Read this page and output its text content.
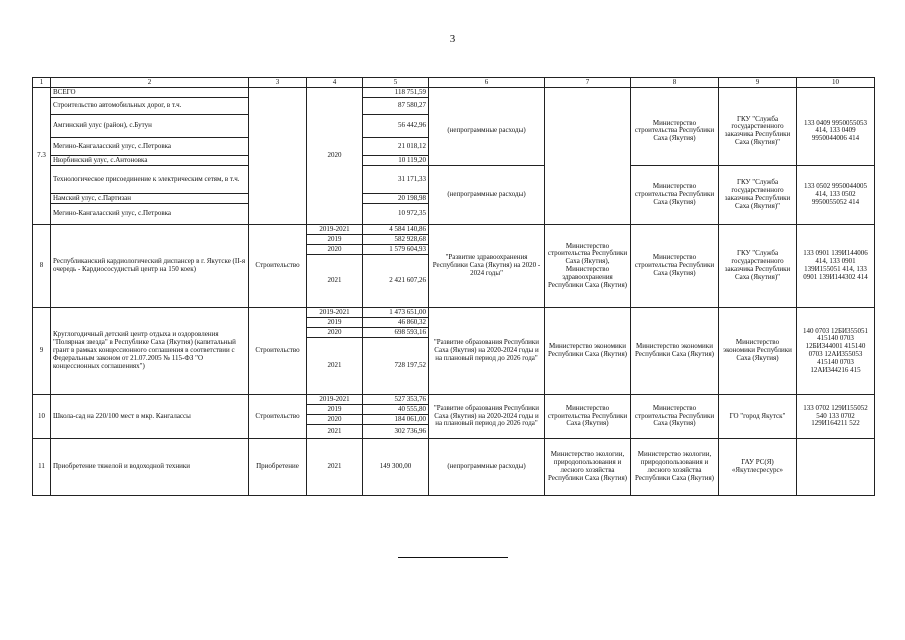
3
1	2	3	4	5	6	7	8	9	10
7.3	ВСЕГО		2020	118 751,59					
	Строительство автомобильных дорог, в т.ч.			87 580,27	(непрограммные расходы)		Министерство строительства Республики Саха (Якутия)	ГКУ "Служба государственного заказчика Республики Саха (Якутия)"	133 0409 9950055053 414, 133 0409 9950044006 414
	Амгинский улус (район), с.Бутун			56 442,96					
	Мегино-Кангаласский улус, с.Петровка			21 018,12					
	Нюрбинский улус, с.Антоновка			10 119,20					
	Технологическое присоединение к электрическим сетям, в т.ч.			31 171,33	(непрограммные расходы)		Министерство строительства Республики Саха (Якутия)	ГКУ "Служба государственного заказчика Республики Саха (Якутия)"	133 0502 9950044005 414, 133 0502 9950055052 414
	Намский улус, с.Партизан			20 198,98					
	Мегино-Кангаласский улус, с.Петровка			10 972,35					
8	Республиканский кардиологический диспансер в г. Якутске (II-я очередь - Кардиососудистый центр на 150 коек)	Строительство	2019-2021	4 584 140,86	"Развитие здравоохранения Республики Саха (Якутия) на 2020 - 2024 годы"	Министерство строительства Республики Саха (Якутия), Министерство здравоохранения Республики Саха (Якутия)	Министерство строительства Республики Саха (Якутия)	ГКУ "Служба государственного заказчика Республики Саха (Якутия)"	133 0901 139И144006 414, 133 0901 139И155051 414, 133 0901 139И144302 414
			2019	582 928,68					
			2020	1 579 604,93					
			2021	2 421 607,26					
9	Круглогодичный детский центр отдыха и оздоровления "Полярная звезда" в Республике Саха (Якутия) (капитальный грант в рамках концессионного соглашения в соответствии с Федеральным законом от 21.07.2005 № 115-ФЗ "О концессионных соглашениях")	Строительство	2019-2021	1 473 651,00	"Развитие образования Республики Саха (Якутия) на 2020-2024 годы и на плановый период до 2026 года"	Министерство экономики Республики Саха (Якутия)	Министерство экономики Республики Саха (Якутия)	Министерство экономики Республики Саха (Якутия)	140 0703 12БИ355051 415140 0703 12БИ344001 415140 0703 12АИ355053 415140 0703 12АИ344216 415
			2019	46 860,32					
			2020	698 593,16					
			2021	728 197,52					
10	Школа-сад на 220/100 мест в мкр. Кангалассы	Строительство	2019-2021	527 353,76	"Развитие образования Республики Саха (Якутия) на 2020-2024 годы и на плановый период до 2026 года"	Министерство строительства Республики Саха (Якутия)	Министерство строительства Республики Саха (Якутия)	ГО "город Якутск"	133 0702 129И155052 540 133 0702 129И164211 522
			2019	40 555,80					
			2020	184 061,00					
			2021	302 736,96					
11	Приобретение тяжелой и водоходной техники	Приобретение	2021	149 300,00	(непрограммные расходы)	Министерство экологии, природопользования и лесного хозяйства Республики Саха (Якутия)	Министерство экологии, природопользования и лесного хозяйства Республики Саха (Якутия)	ГАУ РС(Я) «Якутлесресурс»	
